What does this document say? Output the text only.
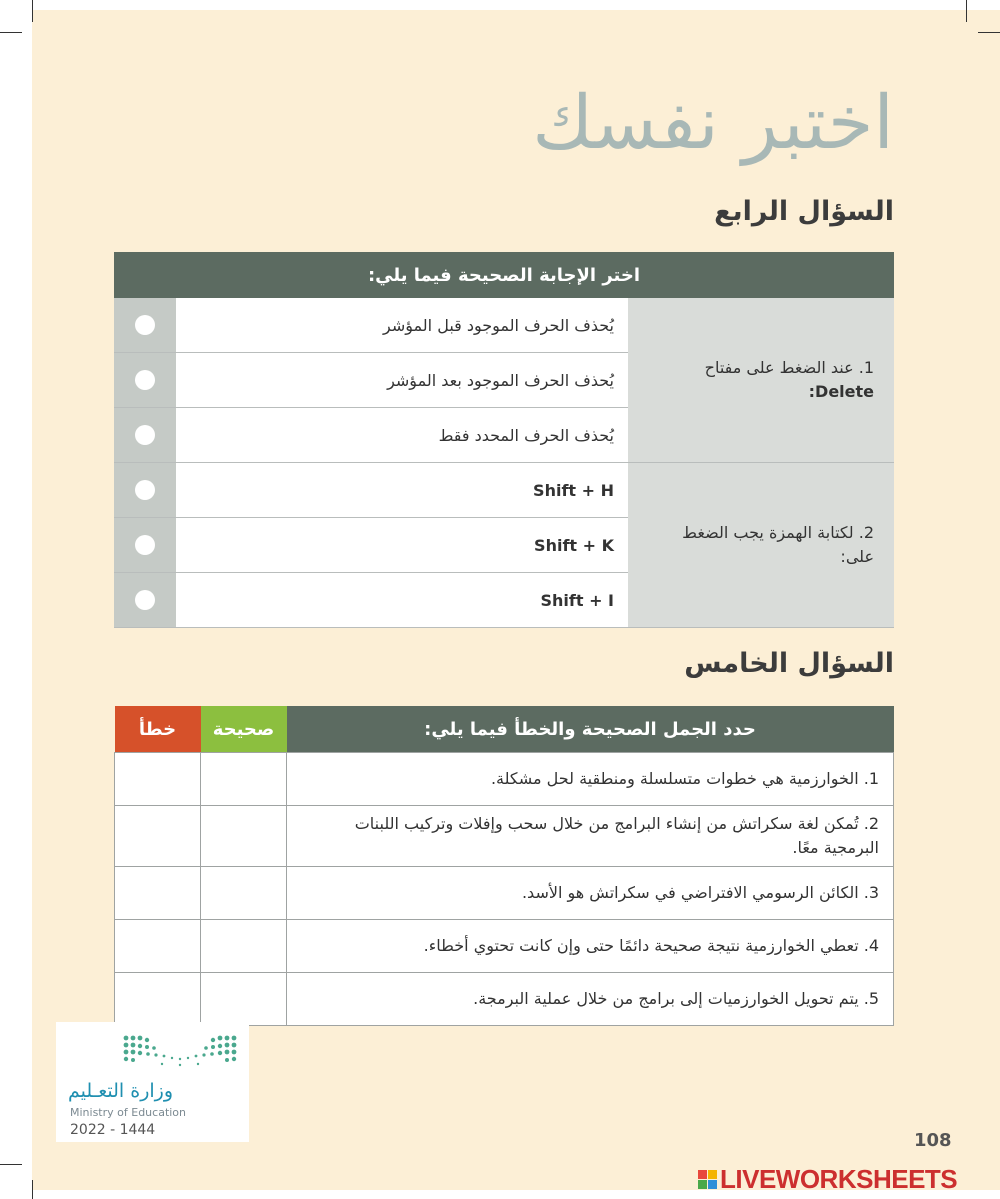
اختبر نفسك
السؤال الرابع
اختر الإجابة الصحيحة فيما يلي:		
1. عند الضغط على مفتاح
Delete:	يُحذف الحرف الموجود قبل المؤشر	
	يُحذف الحرف الموجود بعد المؤشر	
	يُحذف الحرف المحدد فقط	
2. لكتابة الهمزة يجب الضغط على:	Shift + H	
	Shift + K	
	Shift + I	
السؤال الخامس
حدد الجمل الصحيحة والخطأ فيما يلي:	صحيحة	خطأ
1. الخوارزمية هي خطوات متسلسلة ومنطقية لحل مشكلة.		
2. تُمكن لغة سكراتش من إنشاء البرامج من خلال سحب وإفلات وتركيب اللبنات البرمجية معًا.		
3. الكائن الرسومي الافتراضي في سكراتش هو الأسد.		
4. تعطي الخوارزمية نتيجة صحيحة دائمًا حتى وإن كانت تحتوي أخطاء.		
5. يتم تحويل الخوارزميات إلى برامج من خلال عملية البرمجة.		
وزارة التعـليم
Ministry of Education
2022 - 1444	108
LIVEWORKSHEETS
